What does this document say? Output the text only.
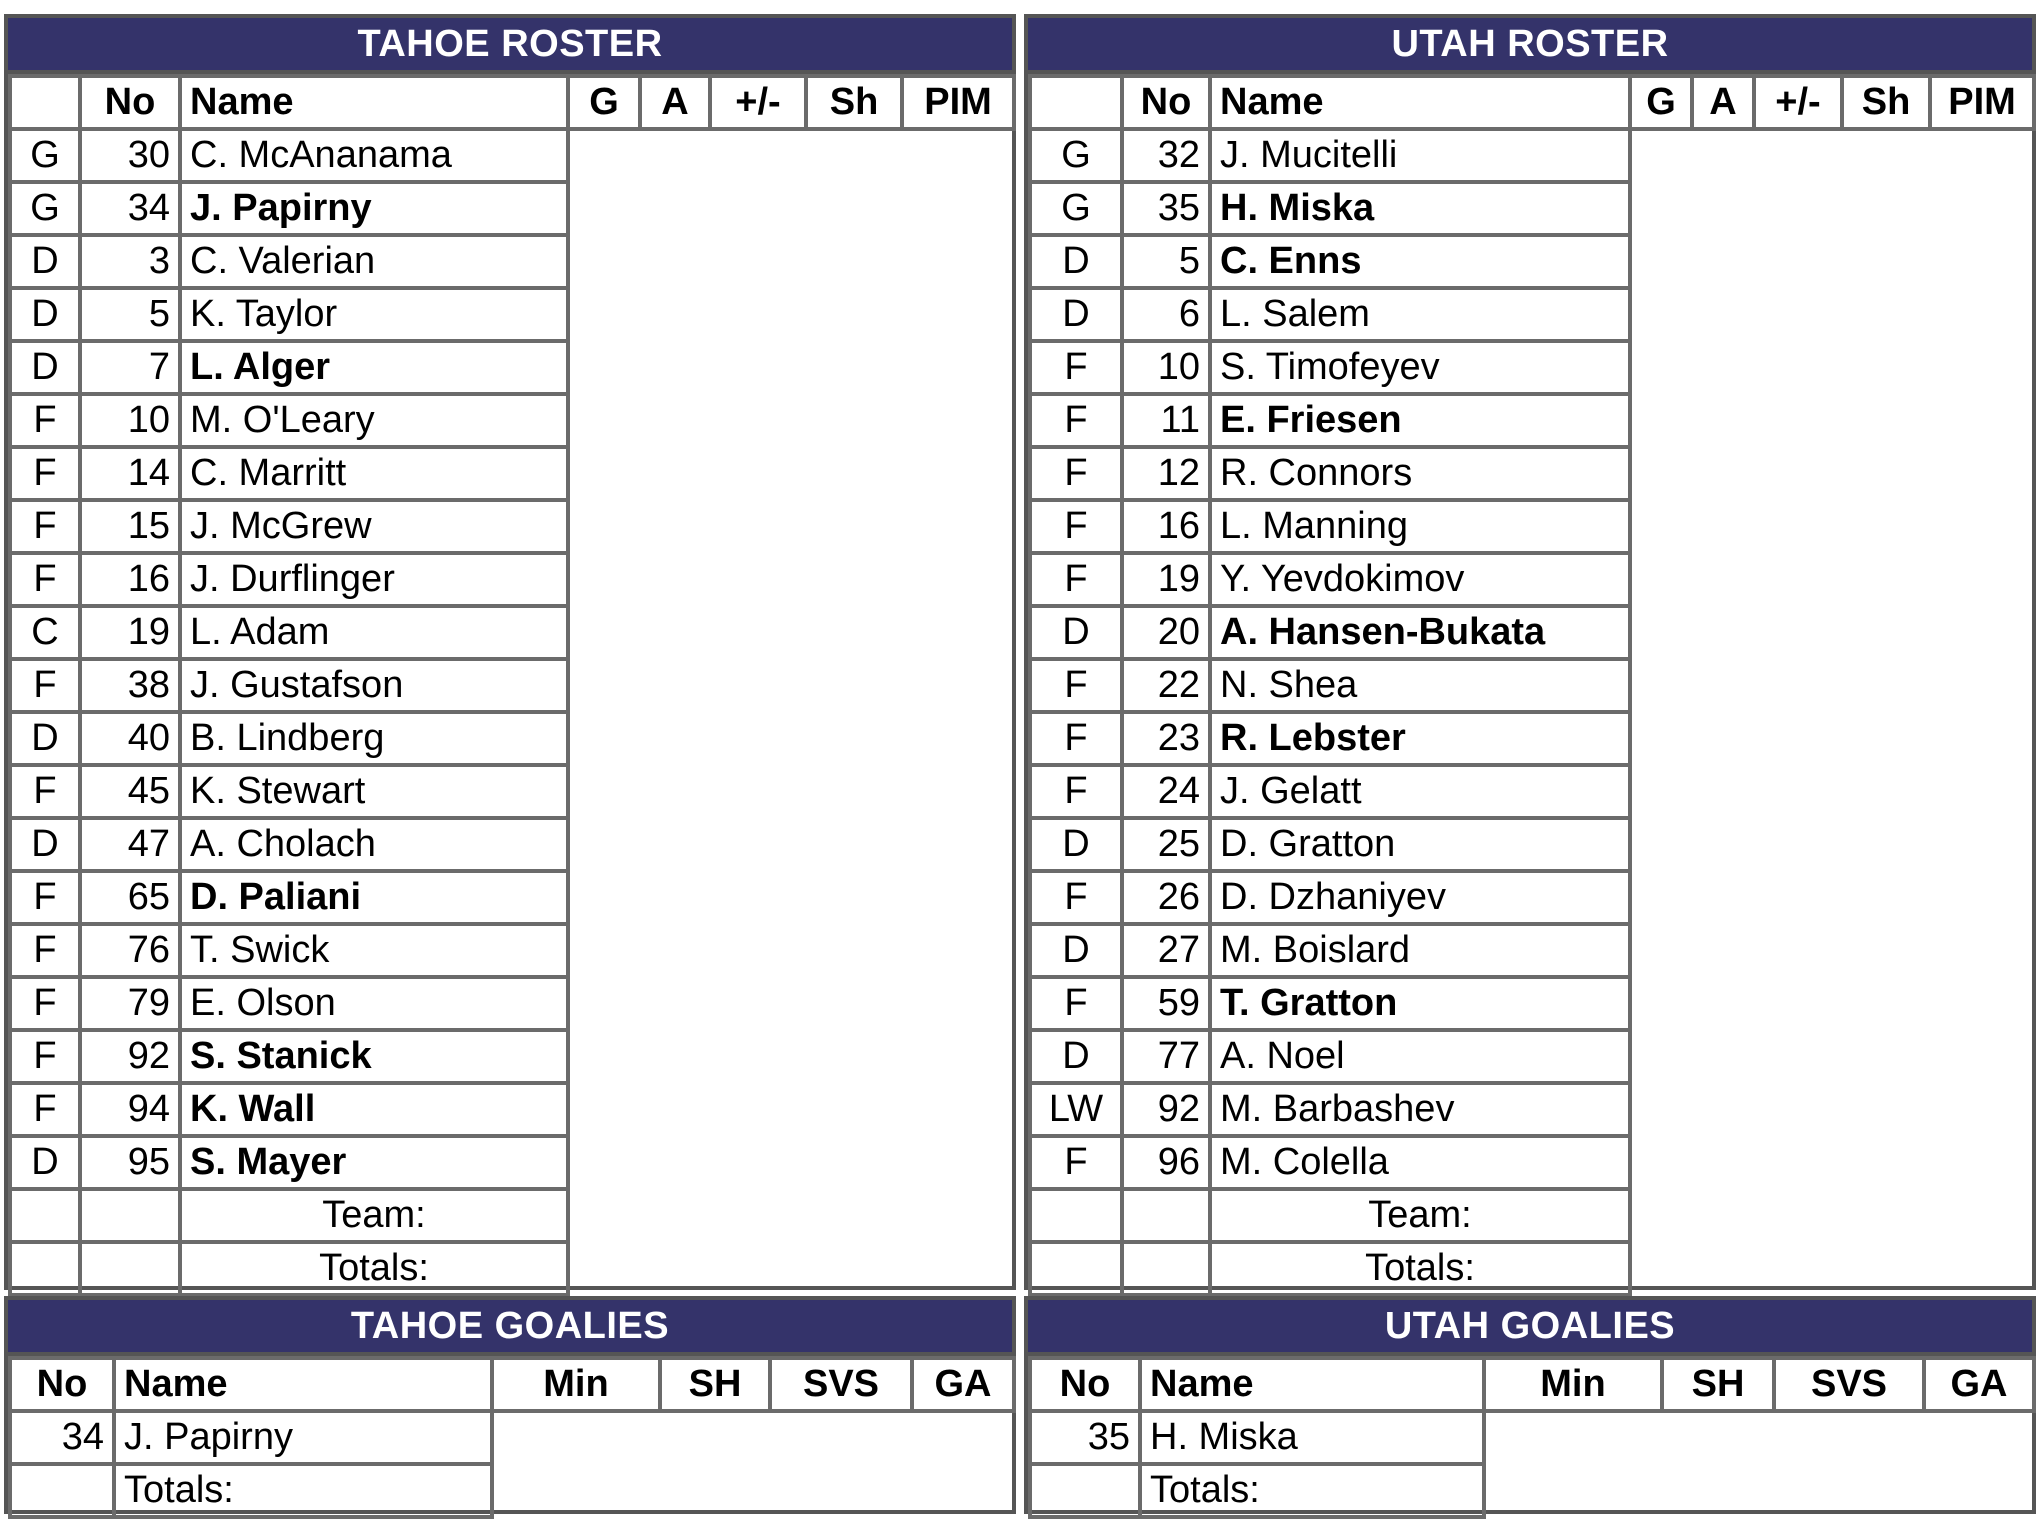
TAHOE ROSTER
	No	Name	G	A	+/-	Sh	PIM
G	30	C. McAnanama					
G	34	J. Papirny					
D	3	C. Valerian					
D	5	K. Taylor					
D	7	L. Alger					
F	10	M. O'Leary					
F	14	C. Marritt					
F	15	J. McGrew					
F	16	J. Durflinger					
C	19	L. Adam					
F	38	J. Gustafson					
D	40	B. Lindberg					
F	45	K. Stewart					
D	47	A. Cholach					
F	65	D. Paliani					
F	76	T. Swick					
F	79	E. Olson					
F	92	S. Stanick					
F	94	K. Wall					
D	95	S. Mayer					
		Team:					
		Totals:					
UTAH ROSTER
	No	Name	G	A	+/-	Sh	PIM
G	32	J. Mucitelli					
G	35	H. Miska					
D	5	C. Enns					
D	6	L. Salem					
F	10	S. Timofeyev					
F	11	E. Friesen					
F	12	R. Connors					
F	16	L. Manning					
F	19	Y. Yevdokimov					
D	20	A. Hansen-Bukata					
F	22	N. Shea					
F	23	R. Lebster					
F	24	J. Gelatt					
D	25	D. Gratton					
F	26	D. Dzhaniyev					
D	27	M. Boislard					
F	59	T. Gratton					
D	77	A. Noel					
LW	92	M. Barbashev					
F	96	M. Colella					
		Team:					
		Totals:					
TAHOE GOALIES
No	Name	Min	SH	SVS	GA
34	J. Papirny				
	Totals:				
UTAH GOALIES
No	Name	Min	SH	SVS	GA
35	H. Miska				
	Totals:				
